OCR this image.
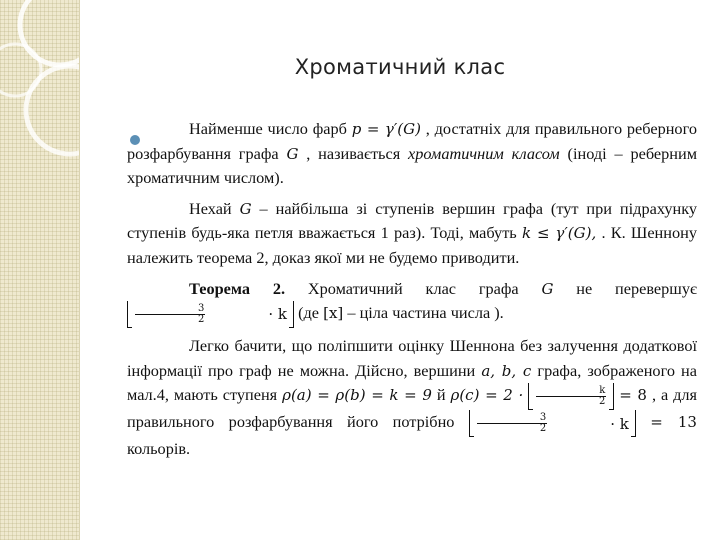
Хроматичний клас

Найменше число фарб p = γ′(G) , достатніх для правильного реберного розфарбування графа G , називається хроматичним класом (іноді – реберним хроматичним числом).

Нехай G – найбільша зі ступенів вершин графа (тут при підрахунку ступенів будь-яка петля вважається 1 раз). Тоді, мабуть k ≤ γ′(G), . К. Шеннону належить теорема 2, доказ якої ми не будемо приводити.

Теорема 2. Хроматичний клас графа G не перевершує
$\frac{3}{2}$	· k (де [x] – ціла частина числа ).

Легко бачити, що поліпшити оцінку Шеннона без залучення додаткової інформації про граф не можна. Дійсно, вершини a, b, c графа, зображеного на мал.4, мають ступеня ρ(a) = ρ(b) = k = 9 й $\rho(c) = 2 \cdot \frac{k}{2} = 8$ , а для правильного розфарбування його потрібно $\frac{3}{2}$	· k = 13 кольорів.
